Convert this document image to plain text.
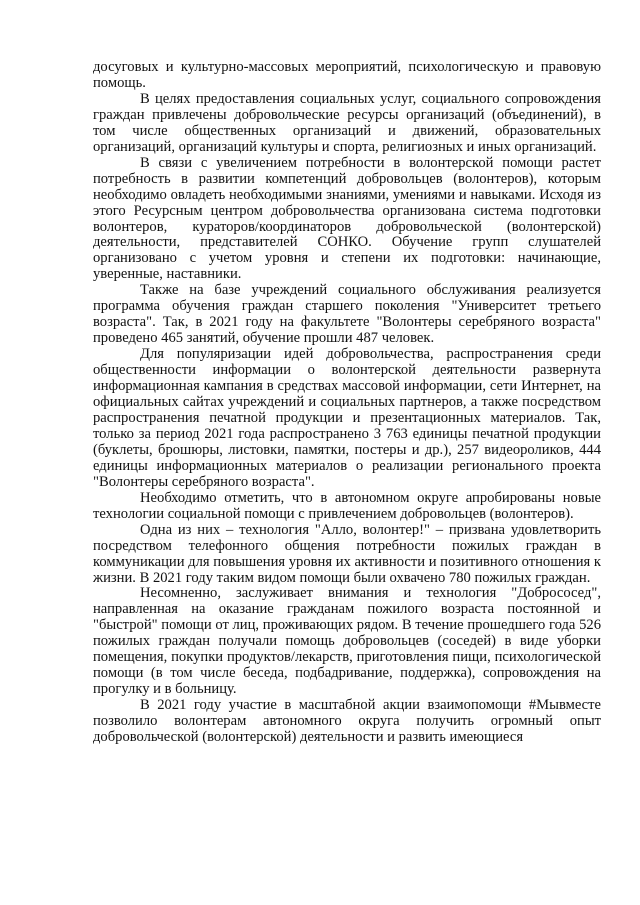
досуговых и культурно-массовых мероприятий, психологическую и правовую помощь.

В целях предоставления социальных услуг, социального сопровождения граждан привлечены добровольческие ресурсы организаций (объединений), в том числе общественных организаций и движений, образовательных организаций, организаций культуры и спорта, религиозных и иных организаций.

В связи с увеличением потребности в волонтерской помощи растет потребность в развитии компетенций добровольцев (волонтеров), которым необходимо овладеть необходимыми знаниями, умениями и навыками. Исходя из этого Ресурсным центром добровольчества организована система подготовки волонтеров, кураторов/координаторов добровольческой (волонтерской) деятельности, представителей СОНКО. Обучение групп слушателей организовано с учетом уровня и степени их подготовки: начинающие, уверенные, наставники.

Также на базе учреждений социального обслуживания реализуется программа обучения граждан старшего поколения "Университет третьего возраста". Так, в 2021 году на факультете "Волонтеры серебряного возраста" проведено 465 занятий, обучение прошли 487 человек.

Для популяризации идей добровольчества, распространения среди общественности информации о волонтерской деятельности развернута информационная кампания в средствах массовой информации, сети Интернет, на официальных сайтах учреждений и социальных партнеров, а также посредством распространения печатной продукции и презентационных материалов. Так, только за период 2021 года распространено 3 763 единицы печатной продукции (буклеты, брошюры, листовки, памятки, постеры и др.), 257 видеороликов, 444 единицы информационных материалов о реализации регионального проекта "Волонтеры серебряного возраста".

Необходимо отметить, что в автономном округе апробированы новые технологии социальной помощи с привлечением добровольцев (волонтеров).

Одна из них – технология "Алло, волонтер!" – призвана удовлетворить посредством телефонного общения потребности пожилых граждан в коммуникации для повышения уровня их активности и позитивного отношения к жизни. В 2021 году таким видом помощи были охвачено 780 пожилых граждан.

Несомненно, заслуживает внимания и технология "Добрососед", направленная на оказание гражданам пожилого возраста постоянной и "быстрой" помощи от лиц, проживающих рядом. В течение прошедшего года 526 пожилых граждан получали помощь добровольцев (соседей) в виде уборки помещения, покупки продуктов/лекарств, приготовления пищи, психологической помощи (в том числе беседа, подбадривание, поддержка), сопровождения на прогулку и в больницу.

В 2021 году участие в масштабной акции взаимопомощи #Мывместе позволило волонтерам автономного округа получить огромный опыт добровольческой (волонтерской) деятельности и развить имеющиеся
